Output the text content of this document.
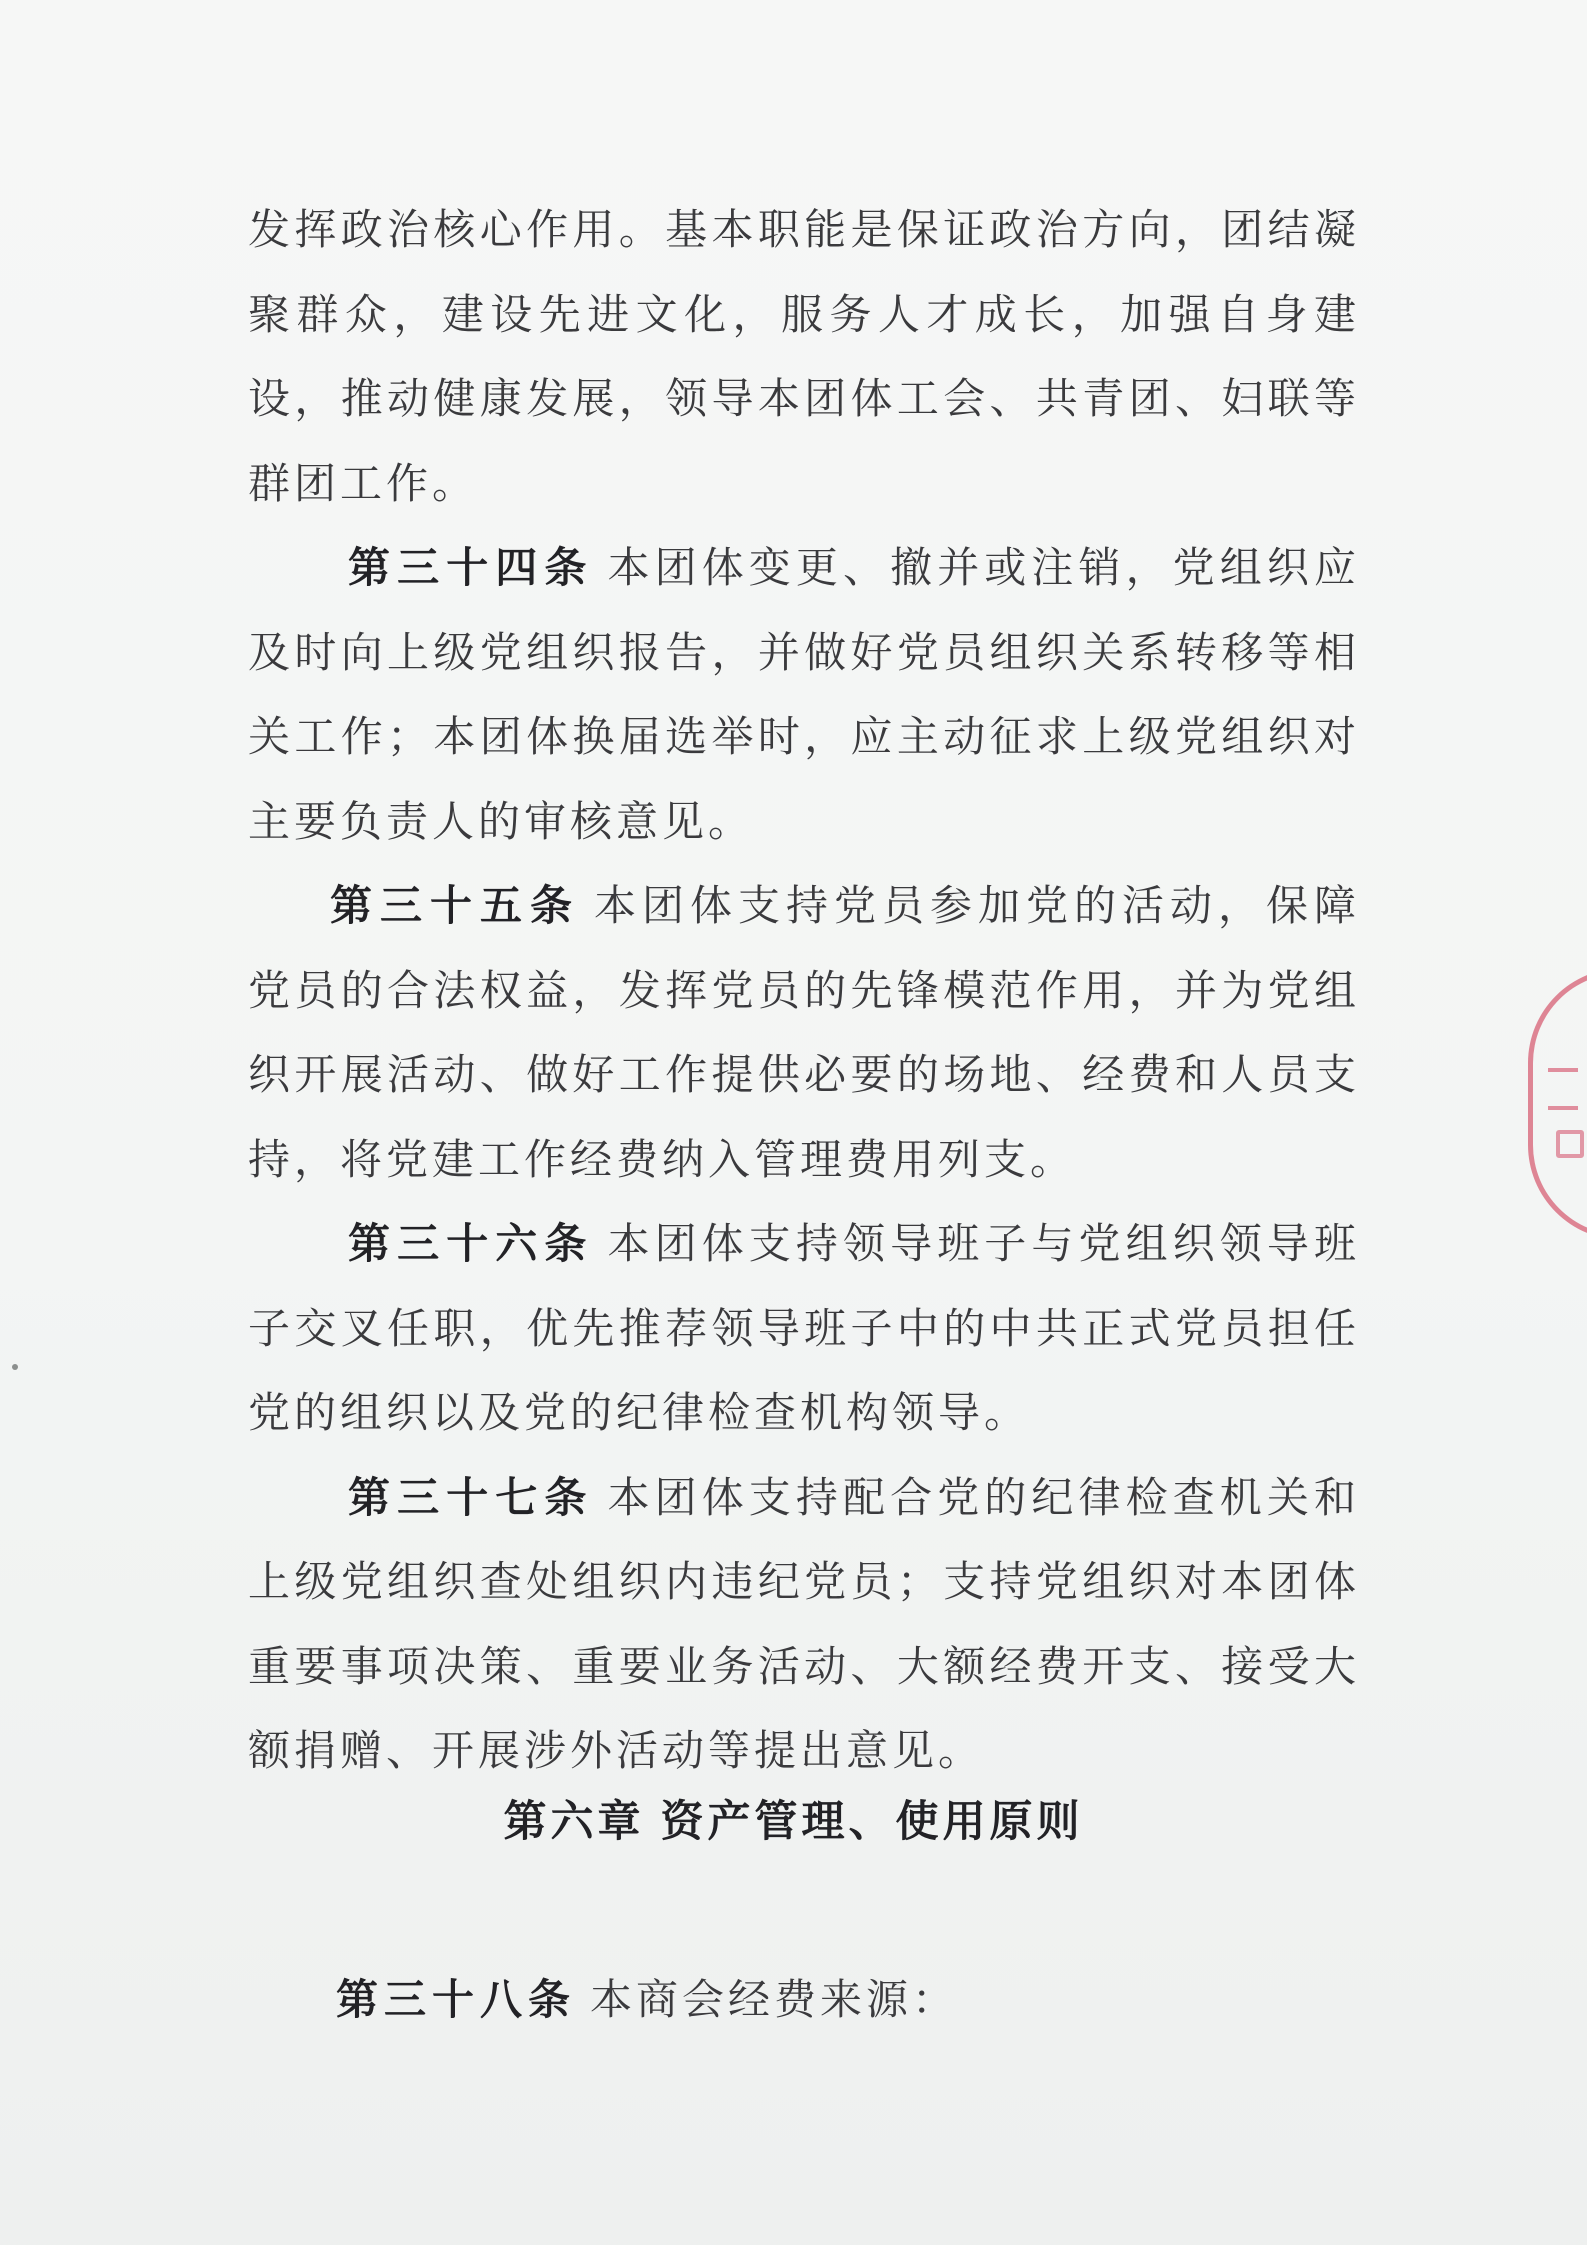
发挥政治核心作用。基本职能是保证政治方向，团结凝聚群众，建设先进文化，服务人才成长，加强自身建设，推动健康发展，领导本团体工会、共青团、妇联等群团工作。

第三十四条 本团体变更、撤并或注销，党组织应及时向上级党组织报告，并做好党员组织关系转移等相关工作；本团体换届选举时，应主动征求上级党组织对主要负责人的审核意见。

第三十五条 本团体支持党员参加党的活动，保障党员的合法权益，发挥党员的先锋模范作用，并为党组织开展活动、做好工作提供必要的场地、经费和人员支持，将党建工作经费纳入管理费用列支。

第三十六条 本团体支持领导班子与党组织领导班子交叉任职，优先推荐领导班子中的中共正式党员担任党的组织以及党的纪律检查机构领导。

第三十七条 本团体支持配合党的纪律检查机关和上级党组织查处组织内违纪党员；支持党组织对本团体重要事项决策、重要业务活动、大额经费开支、接受大额捐赠、开展涉外活动等提出意见。

第六章 资产管理、使用原则

第三十八条 本商会经费来源：
